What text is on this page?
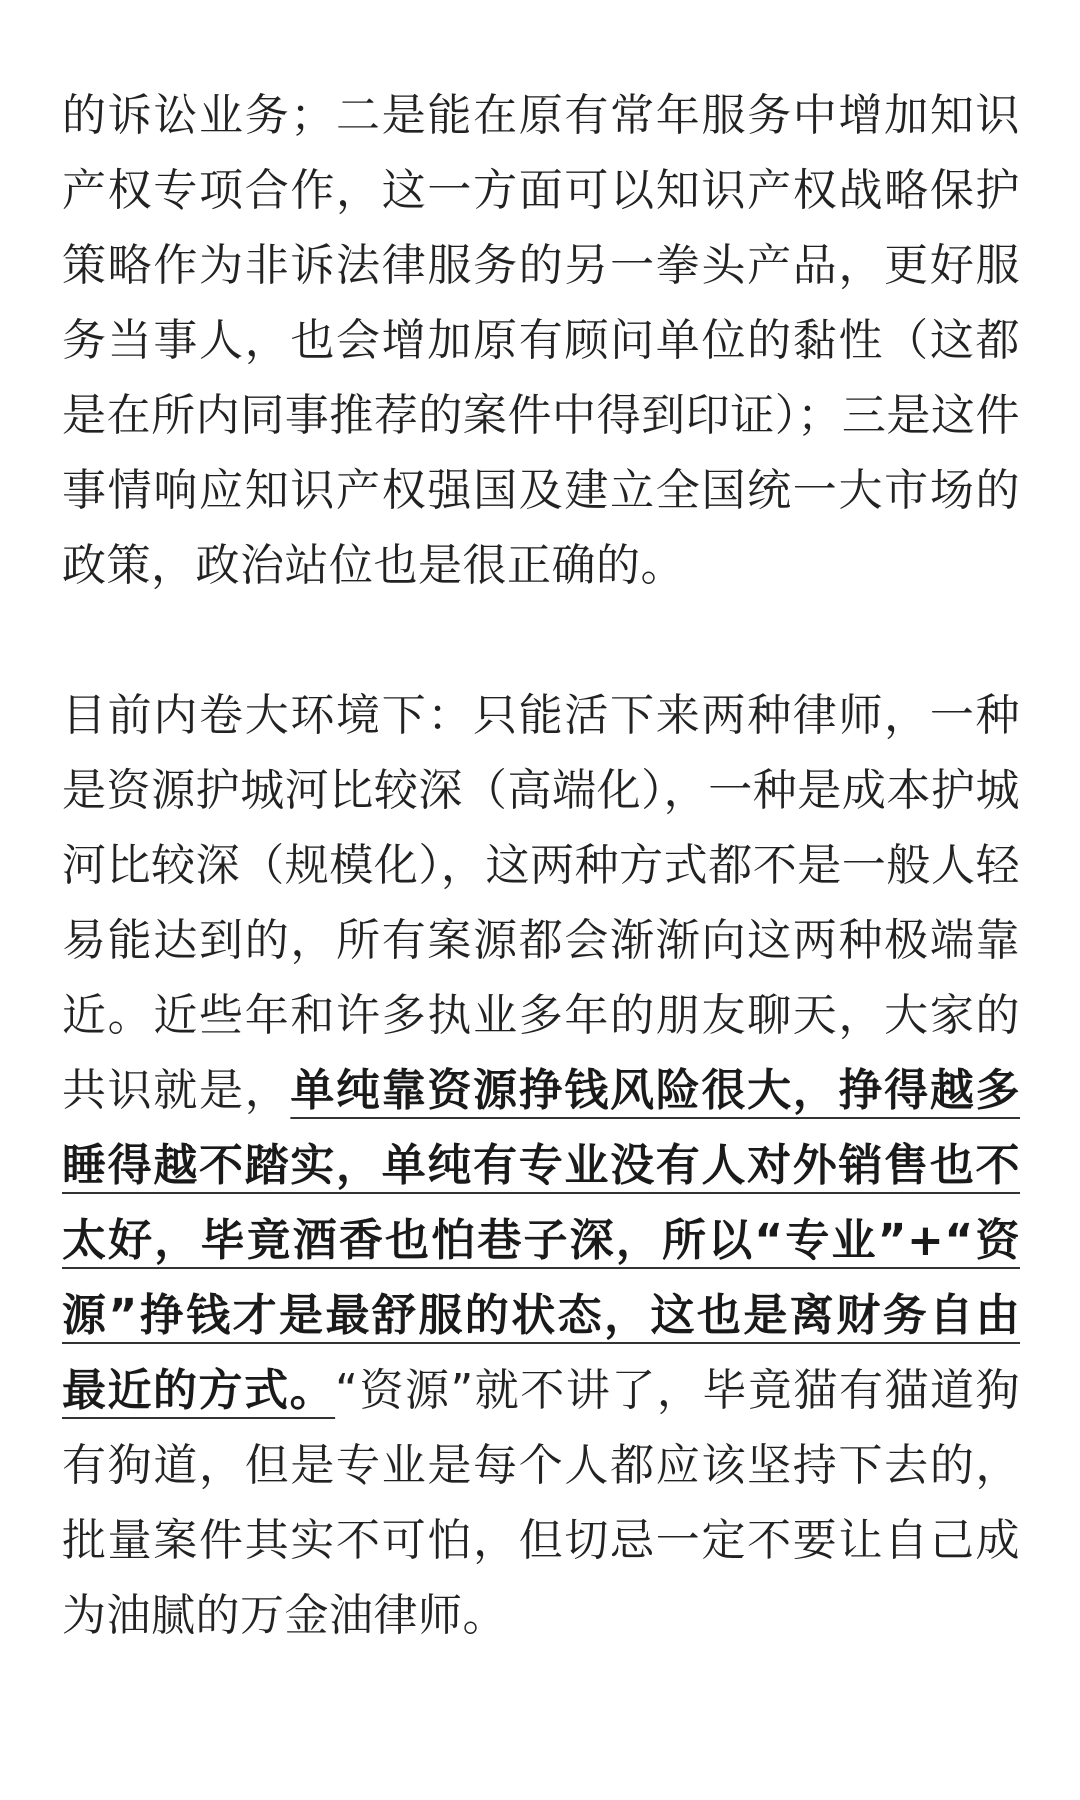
的诉讼业务；二是能在原有常年服务中增加知识产权专项合作，这一方面可以知识产权战略保护策略作为非诉法律服务的另一拳头产品，更好服务当事人，也会增加原有顾问单位的黏性（这都是在所内同事推荐的案件中得到印证）；三是这件事情响应知识产权强国及建立全国统一大市场的政策，政治站位也是很正确的。

目前内卷大环境下：只能活下来两种律师，一种是资源护城河比较深（高端化），一种是成本护城河比较深（规模化），这两种方式都不是一般人轻易能达到的，所有案源都会渐渐向这两种极端靠近。近些年和许多执业多年的朋友聊天，大家的共识就是，单纯靠资源挣钱风险很大，挣得越多睡得越不踏实，单纯有专业没有人对外销售也不太好，毕竟酒香也怕巷子深，所以“专业”+“资源”挣钱才是最舒服的状态，这也是离财务自由最近的方式。“资源”就不讲了，毕竟猫有猫道狗有狗道，但是专业是每个人都应该坚持下去的，批量案件其实不可怕，但切忌一定不要让自己成为油腻的万金油律师。
